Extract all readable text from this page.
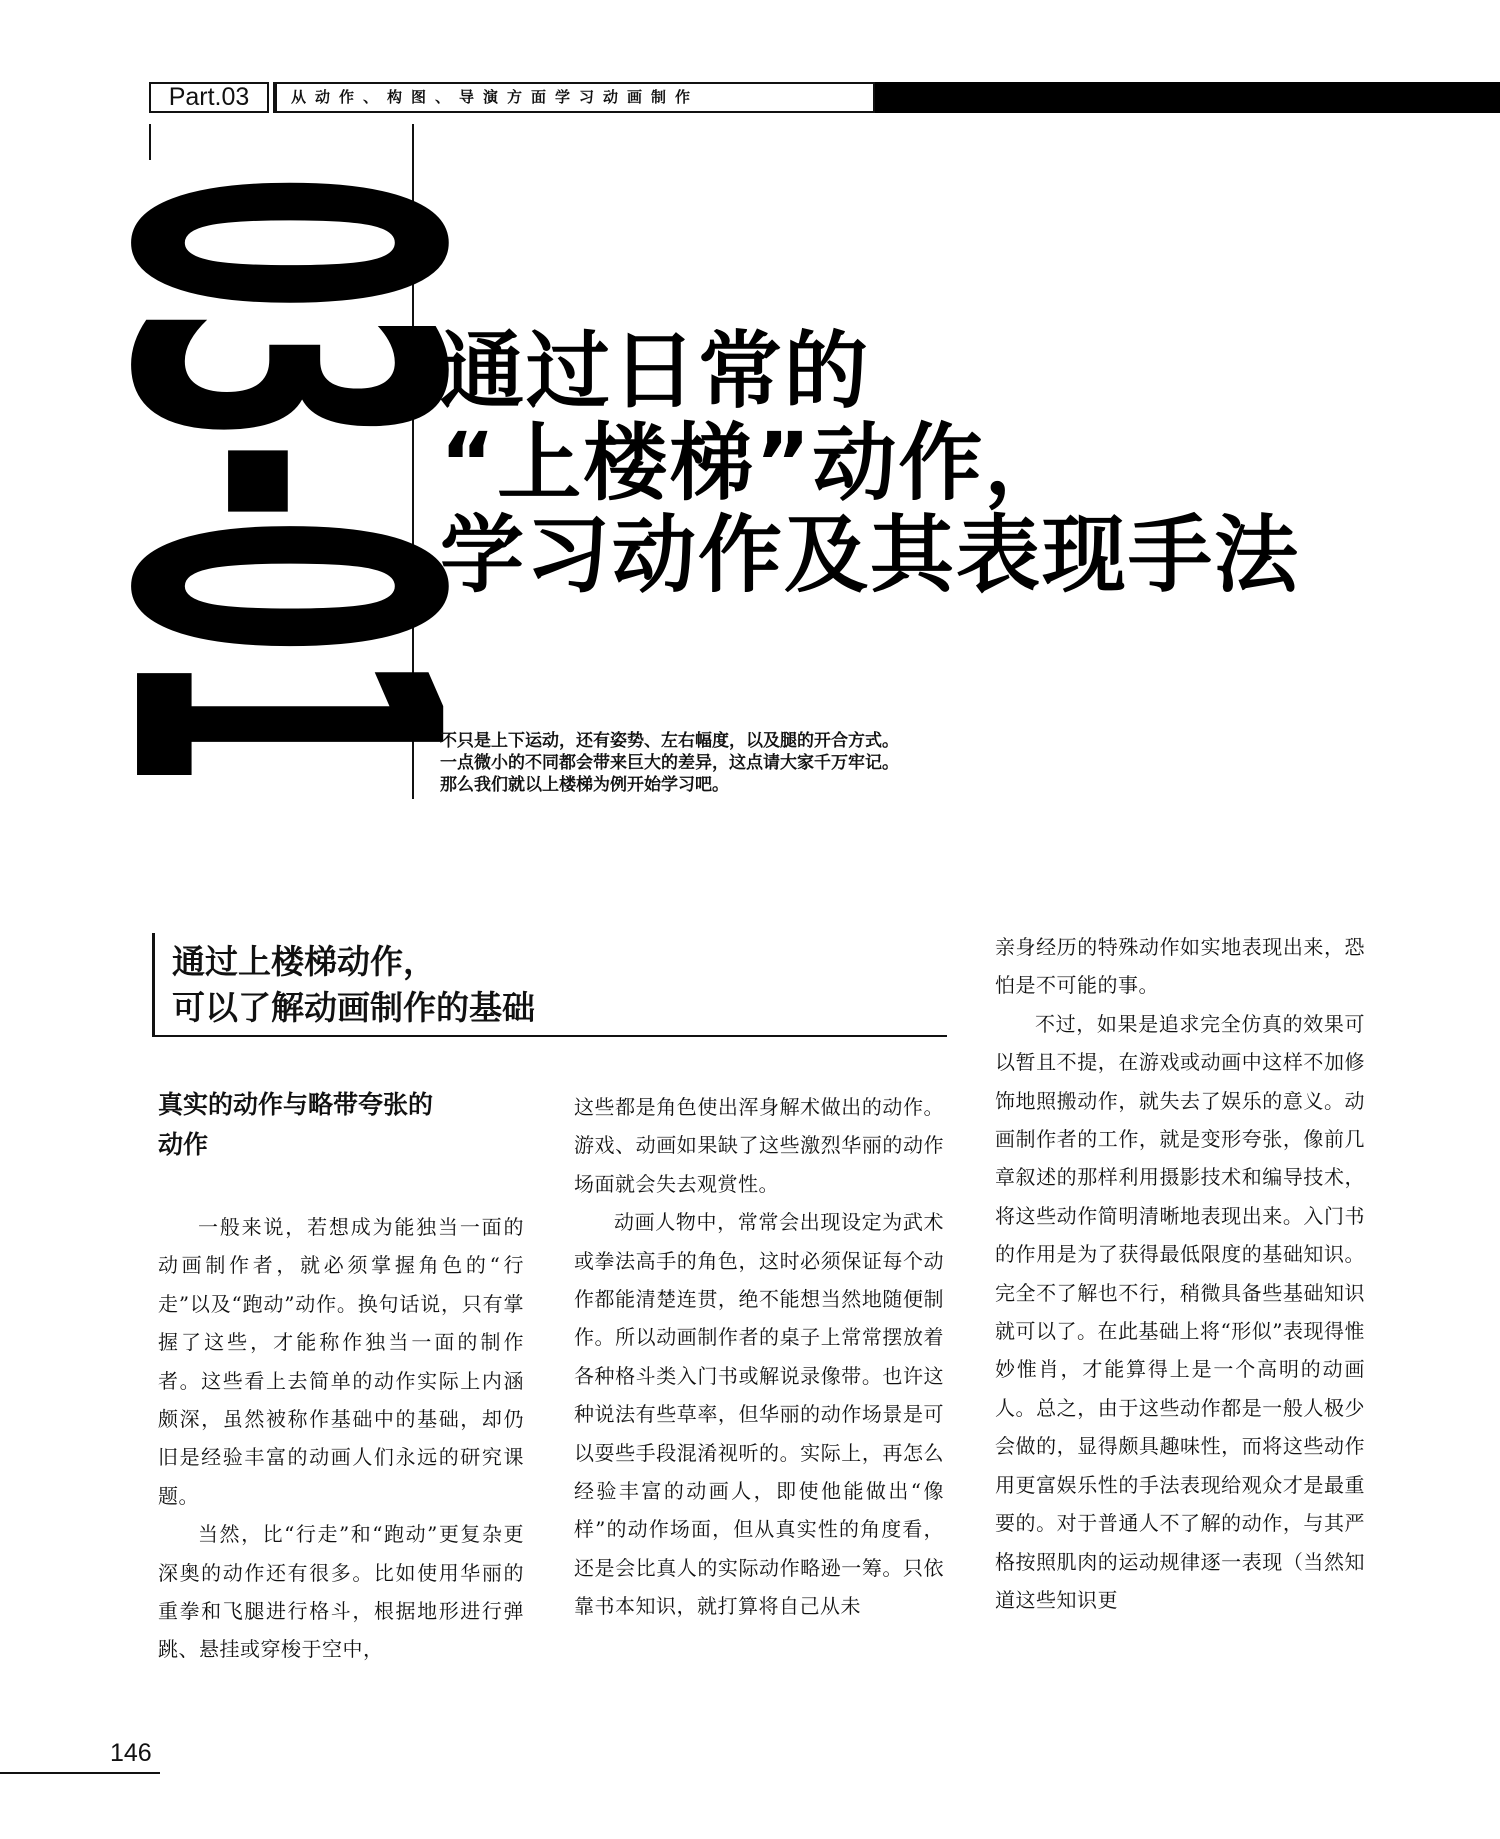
Part.03	从动作、构图、导演方面学习动画制作
03-01
通过日常的
“上楼梯”动作，
学习动作及其表现手法
不只是上下运动，还有姿势、左右幅度，以及腿的开合方式。
一点微小的不同都会带来巨大的差异，这点请大家千万牢记。
那么我们就以上楼梯为例开始学习吧。
通过上楼梯动作，
可以了解动画制作的基础
真实的动作与略带夸张的
动作

一般来说，若想成为能独当一面的动画制作者，就必须掌握角色的“行走”以及“跑动”动作。换句话说，只有掌握了这些，才能称作独当一面的制作者。这些看上去简单的动作实际上内涵颇深，虽然被称作基础中的基础，却仍旧是经验丰富的动画人们永远的研究课题。

当然，比“行走”和“跑动”更复杂更深奥的动作还有很多。比如使用华丽的重拳和飞腿进行格斗，根据地形进行弹跳、悬挂或穿梭于空中，

这些都是角色使出浑身解术做出的动作。游戏、动画如果缺了这些激烈华丽的动作场面就会失去观赏性。

动画人物中，常常会出现设定为武术或拳法高手的角色，这时必须保证每个动作都能清楚连贯，绝不能想当然地随便制作。所以动画制作者的桌子上常常摆放着各种格斗类入门书或解说录像带。也许这种说法有些草率，但华丽的动作场景是可以耍些手段混淆视听的。实际上，再怎么经验丰富的动画人，即使他能做出“像样”的动作场面，但从真实性的角度看，还是会比真人的实际动作略逊一筹。只依靠书本知识，就打算将自己从未

亲身经历的特殊动作如实地表现出来，恐怕是不可能的事。

不过，如果是追求完全仿真的效果可以暂且不提，在游戏或动画中这样不加修饰地照搬动作，就失去了娱乐的意义。动画制作者的工作，就是变形夸张，像前几章叙述的那样利用摄影技术和编导技术，将这些动作简明清晰地表现出来。入门书的作用是为了获得最低限度的基础知识。完全不了解也不行，稍微具备些基础知识就可以了。在此基础上将“形似”表现得惟妙惟肖，才能算得上是一个高明的动画人。总之，由于这些动作都是一般人极少会做的，显得颇具趣味性，而将这些动作用更富娱乐性的手法表现给观众才是最重要的。对于普通人不了解的动作，与其严格按照肌肉的运动规律逐一表现（当然知道这些知识更

146
